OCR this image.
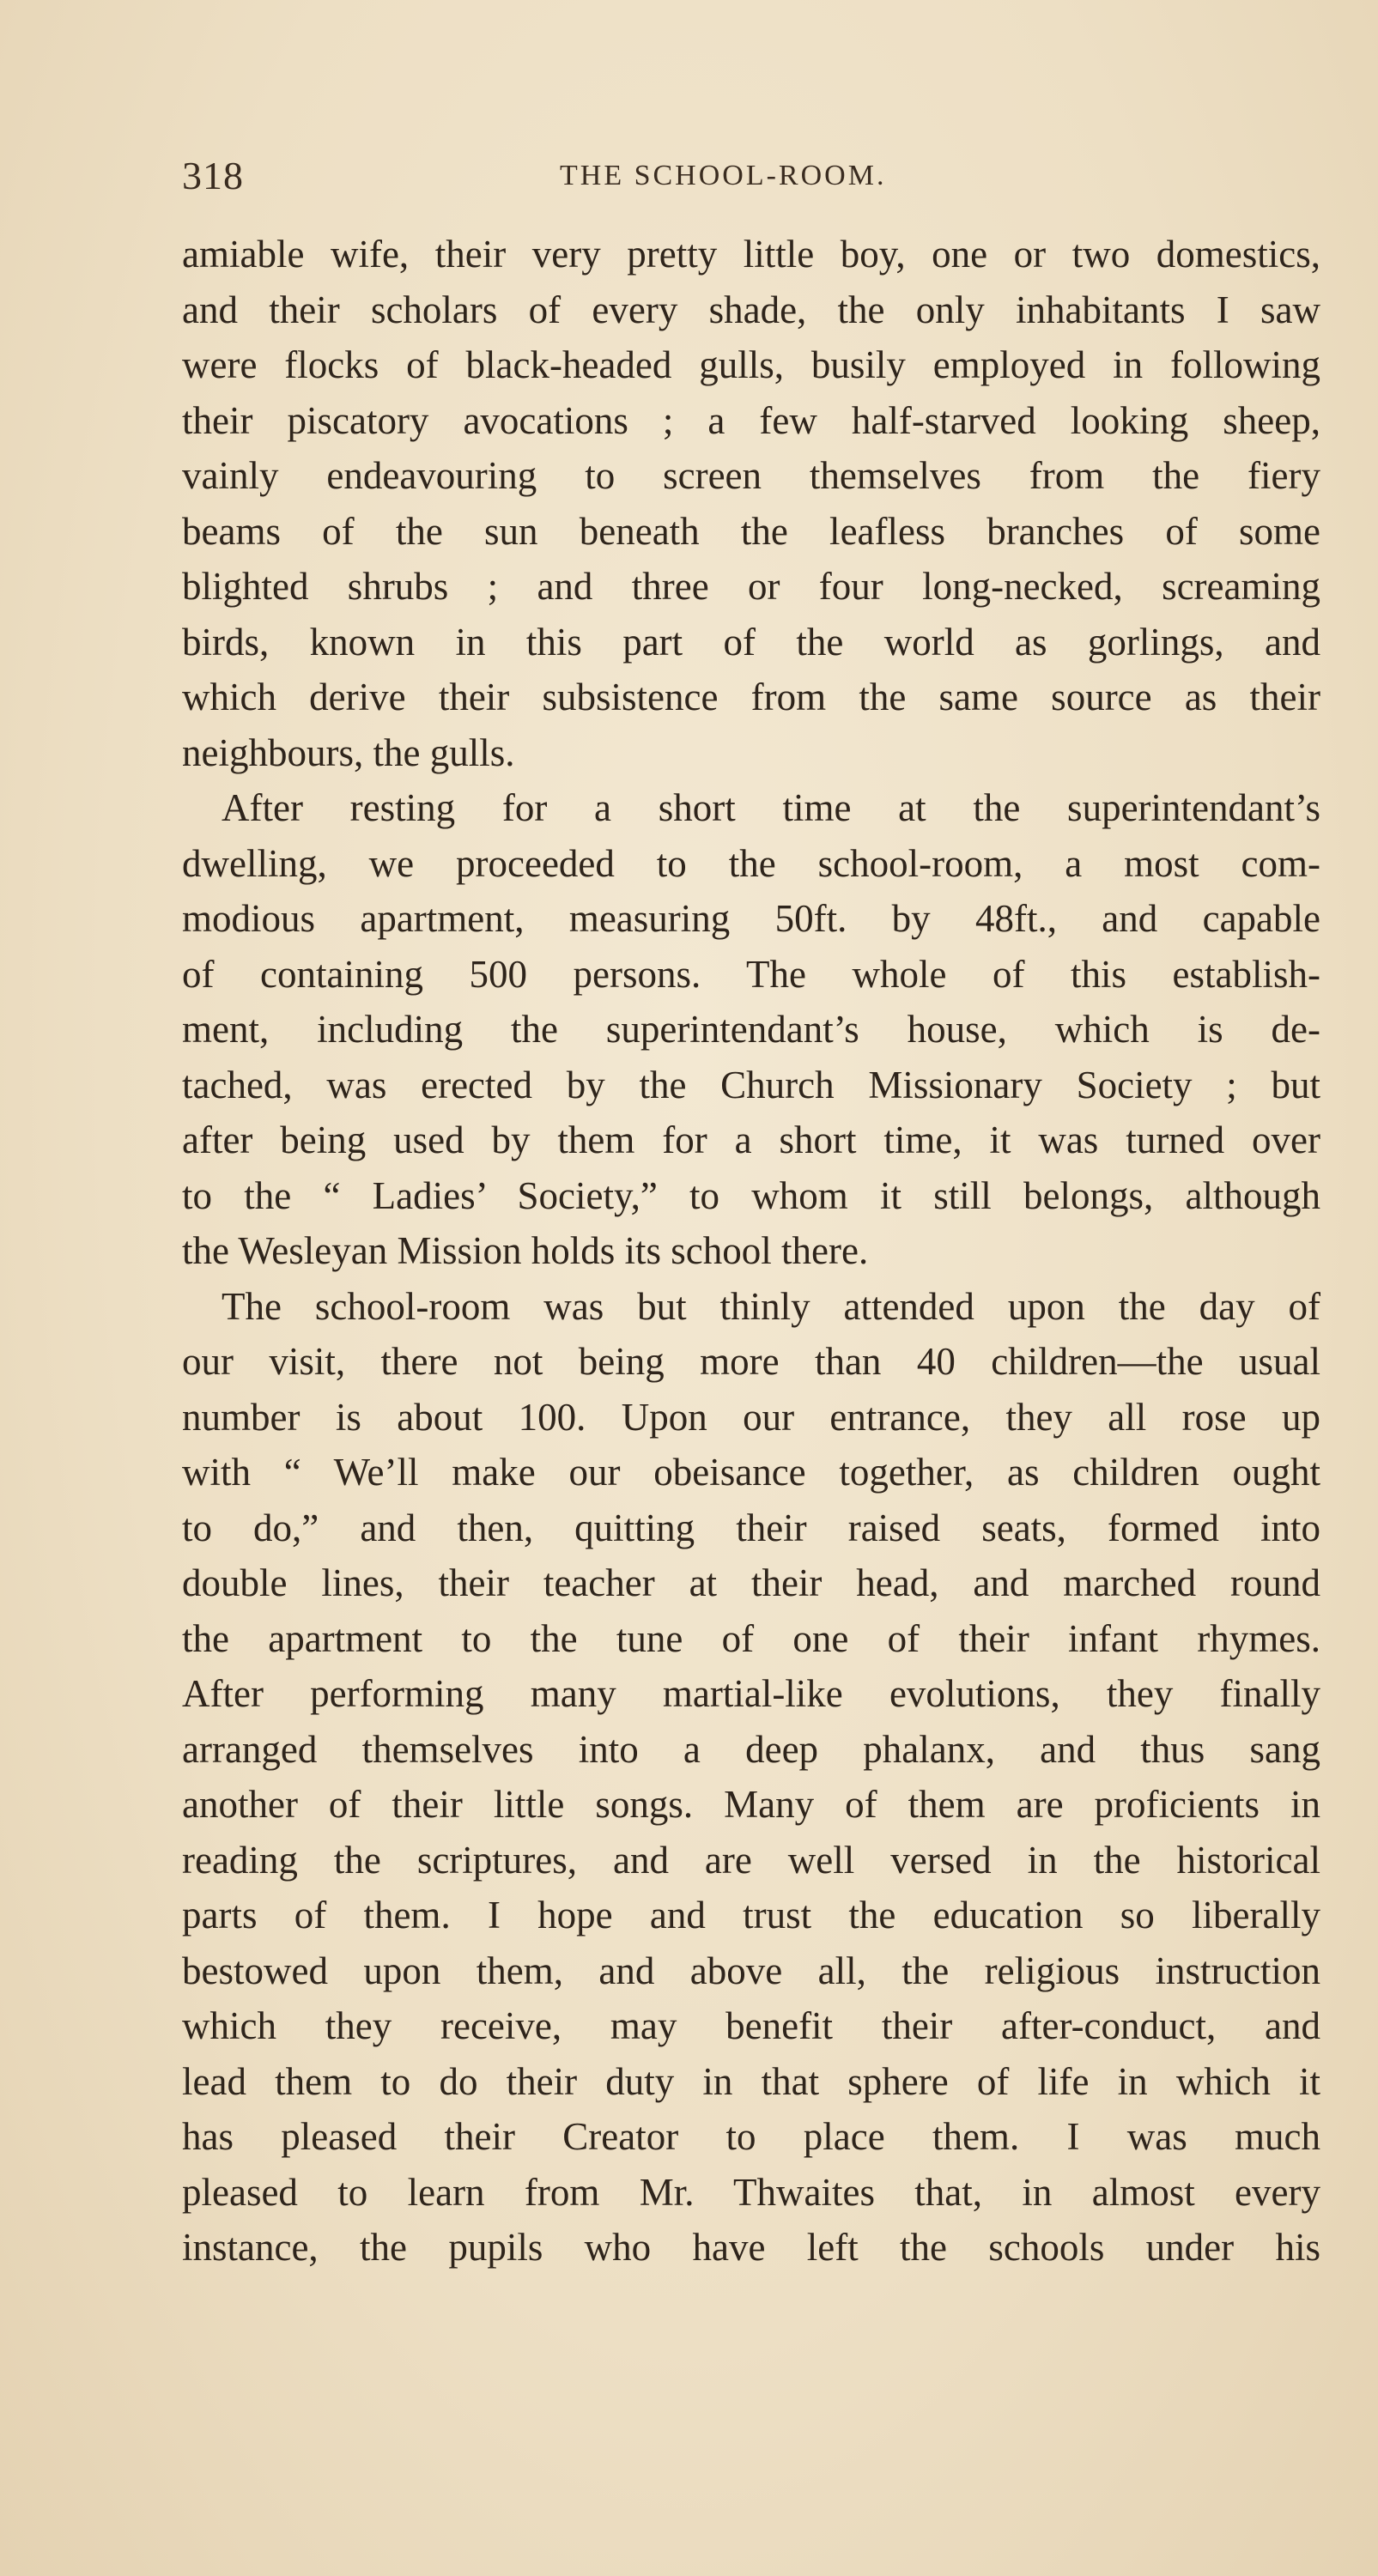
318	THE SCHOOL-ROOM.
amiable wife, their very pretty little boy, one or two domestics,
and their scholars of every shade, the only inhabitants I saw
were flocks of black-headed gulls, busily employed in following
their piscatory avocations ; a few half-starved looking sheep,
vainly endeavouring to screen themselves from the fiery
beams of the sun beneath the leafless branches of some
blighted shrubs ; and three or four long-necked, screaming
birds, known in this part of the world as gorlings, and
which derive their subsistence from the same source as their
neighbours, the gulls.
After resting for a short time at the superintendant’s
dwelling, we proceeded to the school-room, a most com-
modious apartment, measuring 50ft. by 48ft., and capable
of containing 500 persons. The whole of this establish-
ment, including the superintendant’s house, which is de-
tached, was erected by the Church Missionary Society ; but
after being used by them for a short time, it was turned over
to the “ Ladies’ Society,” to whom it still belongs, although
the Wesleyan Mission holds its school there.
The school-room was but thinly attended upon the day of
our visit, there not being more than 40 children—the usual
number is about 100. Upon our entrance, they all rose up
with “ We’ll make our obeisance together, as children ought
to do,” and then, quitting their raised seats, formed into
double lines, their teacher at their head, and marched round
the apartment to the tune of one of their infant rhymes.
After performing many martial-like evolutions, they finally
arranged themselves into a deep phalanx, and thus sang
another of their little songs. Many of them are proficients in
reading the scriptures, and are well versed in the historical
parts of them. I hope and trust the education so liberally
bestowed upon them, and above all, the religious instruction
which they receive, may benefit their after-conduct, and
lead them to do their duty in that sphere of life in which it
has pleased their Creator to place them. I was much
pleased to learn from Mr. Thwaites that, in almost every
instance, the pupils who have left the schools under his
